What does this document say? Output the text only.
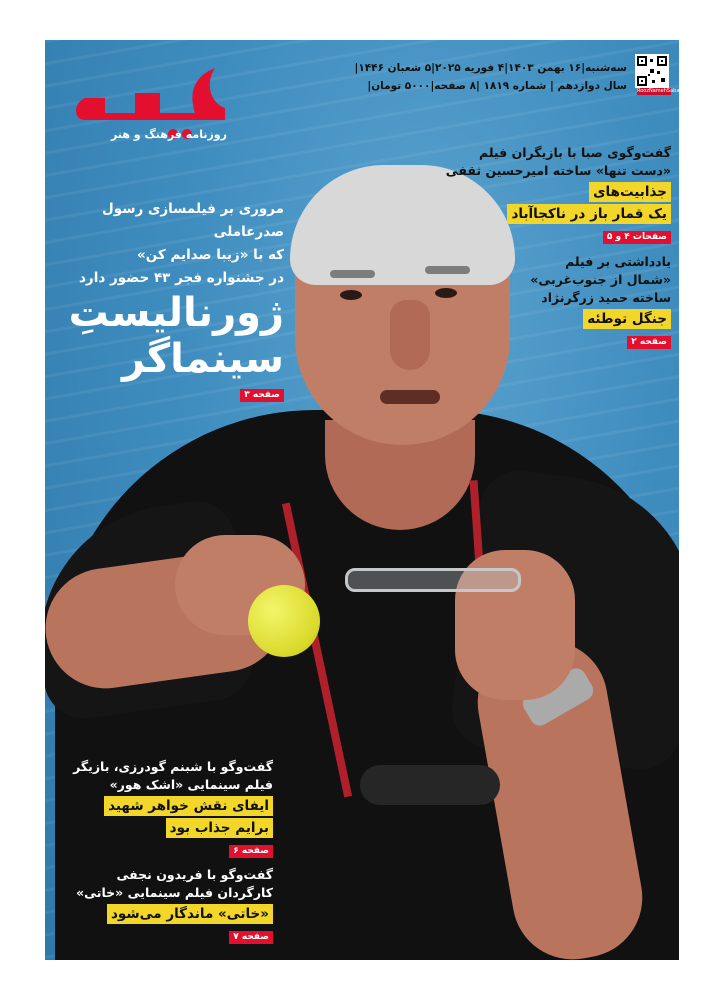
روزنامه فرهنگ و هنر
سه‌شنبه|۱۶ بهمن ۱۴۰۳|۴ فوریه ۲۰۲۵|۵ شعبان ۱۴۴۶|
سال دوازدهم | شماره ۱۸۱۹ |۸ صفحه|۵۰۰۰ تومان| RoozNamehSaba
مروری بر فیلمسازی رسول صدرعاملی
که با «زیبا صدایم کن»
در جشنواره فجر ۴۳ حضور دارد
ژورنالیستِ
سینماگر
صفحه ۳
گفت‌وگوی صبا با بازیگران فیلم
«دست تنها» ساخته امیرحسین ثقفی
جذابیت‌های
یک قمار باز در ناکجاآباد
صفحات ۴ و ۵
یادداشتی بر فیلم
«شمال از جنوب‌غربی»
ساخته حمید زرگرنژاد
جنگل توطئه
صفحه ۲
گفت‌وگو با شبنم گودرزی، بازیگر
فیلم سینمایی «اشک هور»
ایفای نقش خواهر شهید
برایم جذاب بود
صفحه ۶
گفت‌وگو با فریدون نجفی
کارگردان فیلم سینمایی «خاتی»
«خاتی» ماندگار می‌شود
صفحه ۷
